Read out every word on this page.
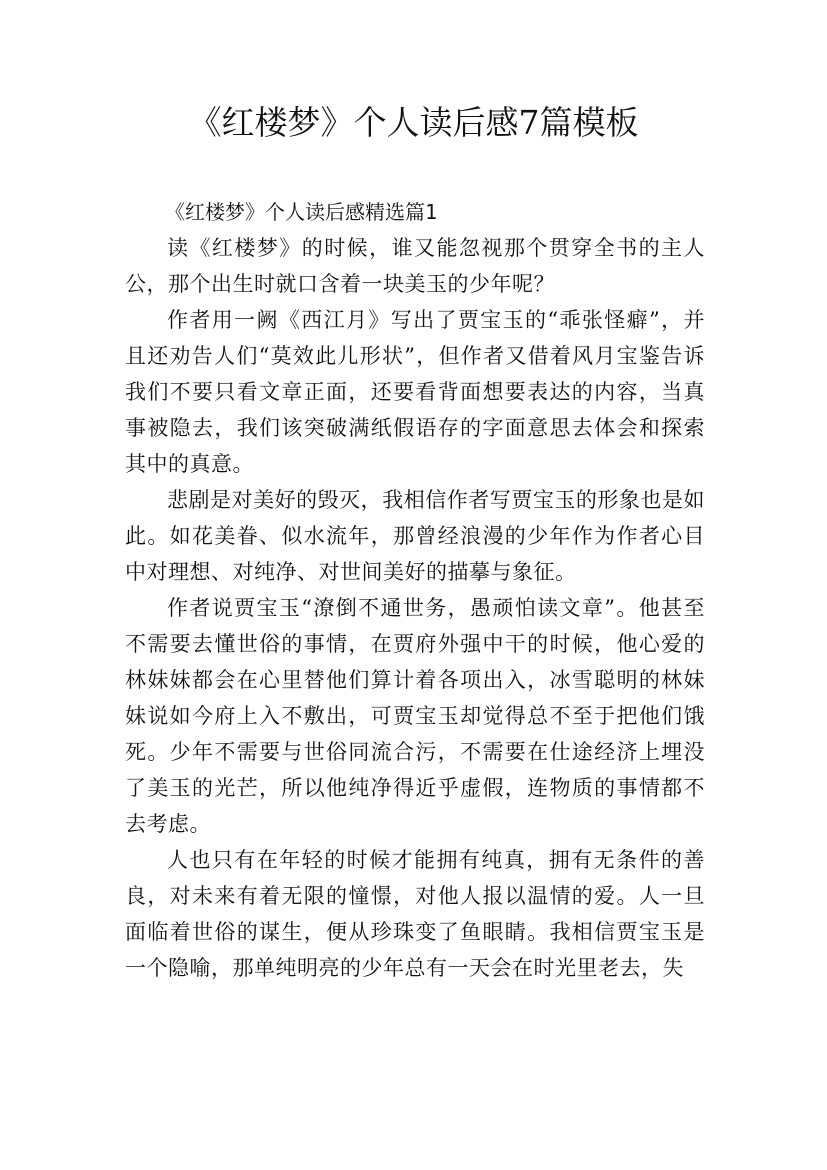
《红楼梦》个人读后感7篇模板

《红楼梦》个人读后感精选篇1

读《红楼梦》的时候，谁又能忽视那个贯穿全书的主人公，那个出生时就口含着一块美玉的少年呢？

作者用一阙《西江月》写出了贾宝玉的“乖张怪癖”，并且还劝告人们“莫效此儿形状”，但作者又借着风月宝鉴告诉我们不要只看文章正面，还要看背面想要表达的内容，当真事被隐去，我们该突破满纸假语存的字面意思去体会和探索其中的真意。

悲剧是对美好的毁灭，我相信作者写贾宝玉的形象也是如此。如花美眷、似水流年，那曾经浪漫的少年作为作者心目中对理想、对纯净、对世间美好的描摹与象征。

作者说贾宝玉“潦倒不通世务，愚顽怕读文章”。他甚至不需要去懂世俗的事情，在贾府外强中干的时候，他心爱的林妹妹都会在心里替他们算计着各项出入，冰雪聪明的林妹妹说如今府上入不敷出，可贾宝玉却觉得总不至于把他们饿死。少年不需要与世俗同流合污，不需要在仕途经济上埋没了美玉的光芒，所以他纯净得近乎虚假，连物质的事情都不去考虑。

人也只有在年轻的时候才能拥有纯真，拥有无条件的善良，对未来有着无限的憧憬，对他人报以温情的爱。人一旦面临着世俗的谋生，便从珍珠变了鱼眼睛。我相信贾宝玉是一个隐喻，那单纯明亮的少年总有一天会在时光里老去，失
